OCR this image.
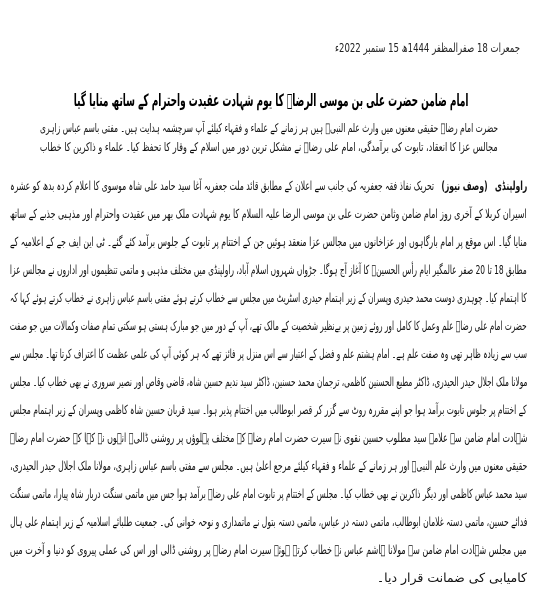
جمعرات 18 صفرالمظفر 1444ھ 15 ستمبر 2022ء
امام ضامن حضرت علی بن موسی الرضاؑ کا یوم شہادت عقیدت واحترام کے ساتھ منایا گیا
حضرت امام رضاؑ حقیقی معنوں میں وارث علم النبیؐ ہیں ہر زمانے کے علماء و فقہاء کیلئے آپ سرچشمہ ہدایت ہیں۔ مفتی باسم عباس زاہری
مجالس عزا کا انعقاد، تابوت کی برآمدگی، امام علی رضاؑ نے مشکل ترین دور میں اسلام کے وقار کا تحفظ کیا۔ علماء و ذاکرین کا خطاب
راولپنڈی   (وصف نیوز)   تحریک نفاذ فقہ جعفریہ کی جانب سے اعلان کے مطابق قائد ملت جعفریہ آغا سید حامد علی شاہ موسوی کا اعلام کردہ بدھ کو عشرہ
اسیران کربلا کے آخری روز امام ضامن وثامن حضرت علی بن موسی الرضا علیہ السلام کا یوم شہادت ملک بھر میں عقیدت واحترام اور مذہبی جذبے کے ساتھ
منایا گیا۔ اس موقع پر امام بارگاہوں اور عزاخانوں میں مجالس عزا منعقد ہوئیں جن کے اختتام پر تابوت کے جلوس برآمد کئے گئے۔ ٹی این ایف جے کے اعلامیہ کے
مطابق 18 تا 20 صفر عالمگیر ایام رأس الحسینؑ کا آغاز آج ہوگا۔ جڑواں شہروں اسلام آباد، راولپنڈی میں مختلف مذہبی و ماتمی تنظیموں اور اداروں نے مجالس عزا
کا اہتمام کیا۔ چوہدری دوست محمد حیدری وپسران کے زیر اہتمام حیدری اسٹریٹ میں مجلس سے خطاب کرتے ہوئے مفتی باسم عباس زاہری نے خطاب کرتے ہوئے کہا کہ
حضرت امام علی رضاؑ علم وعمل کا کامل اور روئے زمین پر بےنظیر شخصیت کے مالک تھے، آپ کے دور میں جو مبارک ہستی ہو سکتی تمام صفات وکمالات میں جو صفت
سب سے زیادہ ظاہر تھی وہ صفت علم ہے۔ امام ہشتم علم و فضل کے اعتبار سے اس منزل پر فائز تھے کہ ہر کوئی آپ کی علمی عظمت کا اعتراف کرتا تھا۔ مجلس سے
مولانا ملک اجلال حیدر الحیدری، ڈاکٹر مطیع الحسنین کاظمی، ترجمان محمد حسنین، ڈاکٹر سید ندیم حسین شاہ، قاضی وقاص اور نصیر سروری نے بھی خطاب کیا۔ مجلس
کے اختتام پر جلوس تابوت برآمد ہوا جو اپنے مقررہ روٹ سے گزر کر قصر ابوطالب میں اختتام پذیر ہوا۔ سید قربان حسین شاہ کاظمی وپسران کے زیر اہتمام مجلس
شہادت امام ضامن سے علامہ سید مطلوب حسین نقوی نے سیرت حضرت امام رضاؑ کے مختلف پہلوؤں پر روشنی ڈالی۔ انہوں نے کہا کہ حضرت امام رضاؑ
حقیقی معنوں میں وارث علم النبیؐ اور ہر زمانے کے علماء و فقہاء کیلئے مرجع اعلیٰ ہیں۔ مجلس سے مفتی باسم عباس زاہری، مولانا ملک اجلال حیدر الحیدری،
سید محمد عباس کاظمی اور دیگر ذاکرین نے بھی خطاب کیا۔ مجلس کے اختتام پر تابوت امام علی رضاؑ برآمد ہوا جس میں ماتمی سنگت دربار شاہ پیارا، ماتمی سنگت
فدائے حسین، ماتمی دستہ غلامان ابوطالب، ماتمی دستہ در عباس، ماتمی دستہ بتول نے ماتمداری و نوحہ خوانی کی۔ جمعیت طلبائے اسلامیہ کے زیر اہتمام علی ہال
میں مجلس شہادت امام ضامن سے مولانا ہاشم عباس نے خطاب کرتے ہوئے سیرت امام رضاؑ پر روشنی ڈالی اور اس کی عملی پیروی کو دنیا و آخرت میں
کامیابی کی ضمانت قرار دیا۔
